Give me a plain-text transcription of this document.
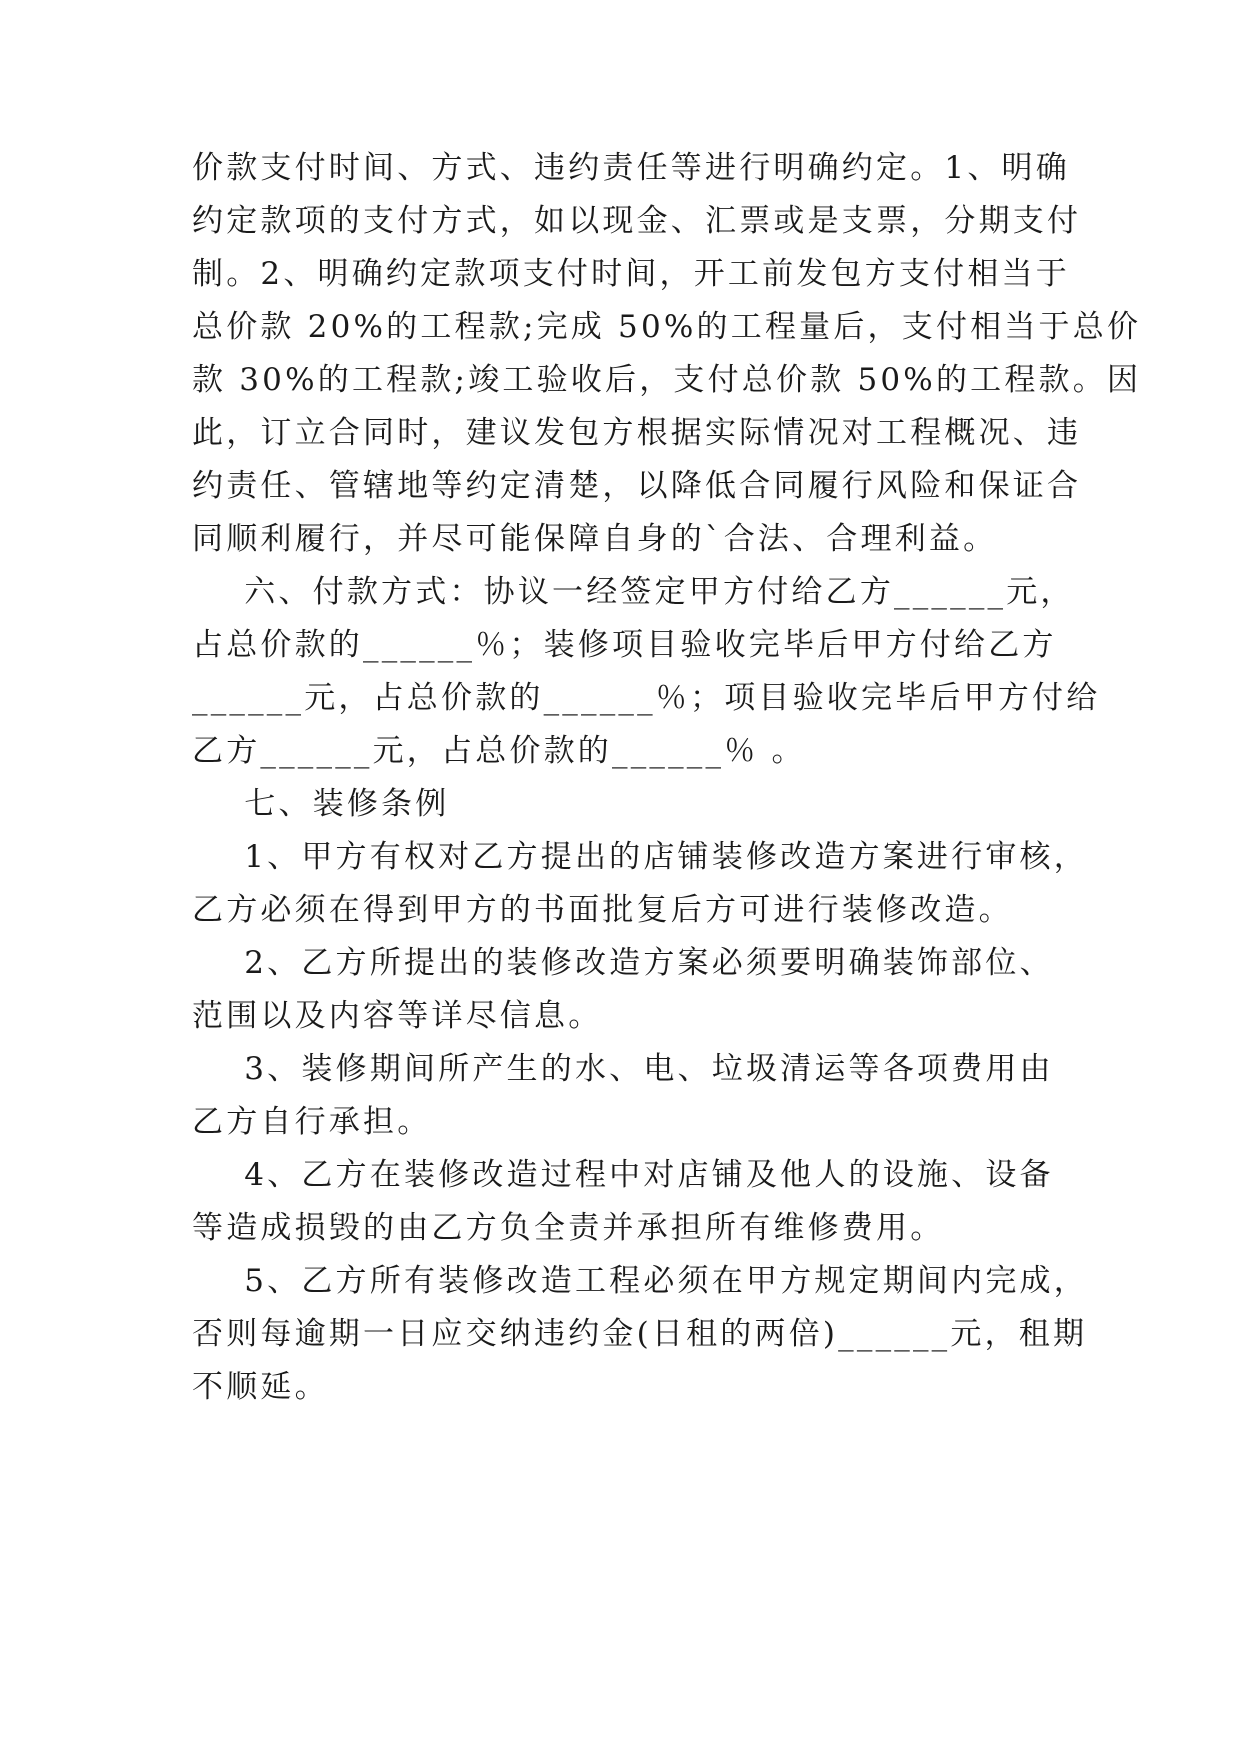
价款支付时间、方式、违约责任等进行明确约定。1、明确
约定款项的支付方式，如以现金、汇票或是支票，分期支付
制。2、明确约定款项支付时间，开工前发包方支付相当于
总价款 20%的工程款;完成 50%的工程量后，支付相当于总价
款 30%的工程款;竣工验收后，支付总价款 50%的工程款。因
此，订立合同时，建议发包方根据实际情况对工程概况、违
约责任、管辖地等约定清楚，以降低合同履行风险和保证合
同顺利履行，并尽可能保障自身的`合法、合理利益。
六、付款方式：协议一经签定甲方付给乙方______元，
占总价款的______％；装修项目验收完毕后甲方付给乙方
______元，占总价款的______％；项目验收完毕后甲方付给
乙方______元，占总价款的______％ 。
七、装修条例
1、甲方有权对乙方提出的店铺装修改造方案进行审核，
乙方必须在得到甲方的书面批复后方可进行装修改造。
2、乙方所提出的装修改造方案必须要明确装饰部位、
范围以及内容等详尽信息。
3、装修期间所产生的水、电、垃圾清运等各项费用由
乙方自行承担。
4、乙方在装修改造过程中对店铺及他人的设施、设备
等造成损毁的由乙方负全责并承担所有维修费用。
5、乙方所有装修改造工程必须在甲方规定期间内完成，
否则每逾期一日应交纳违约金(日租的两倍)______元，租期
不顺延。
